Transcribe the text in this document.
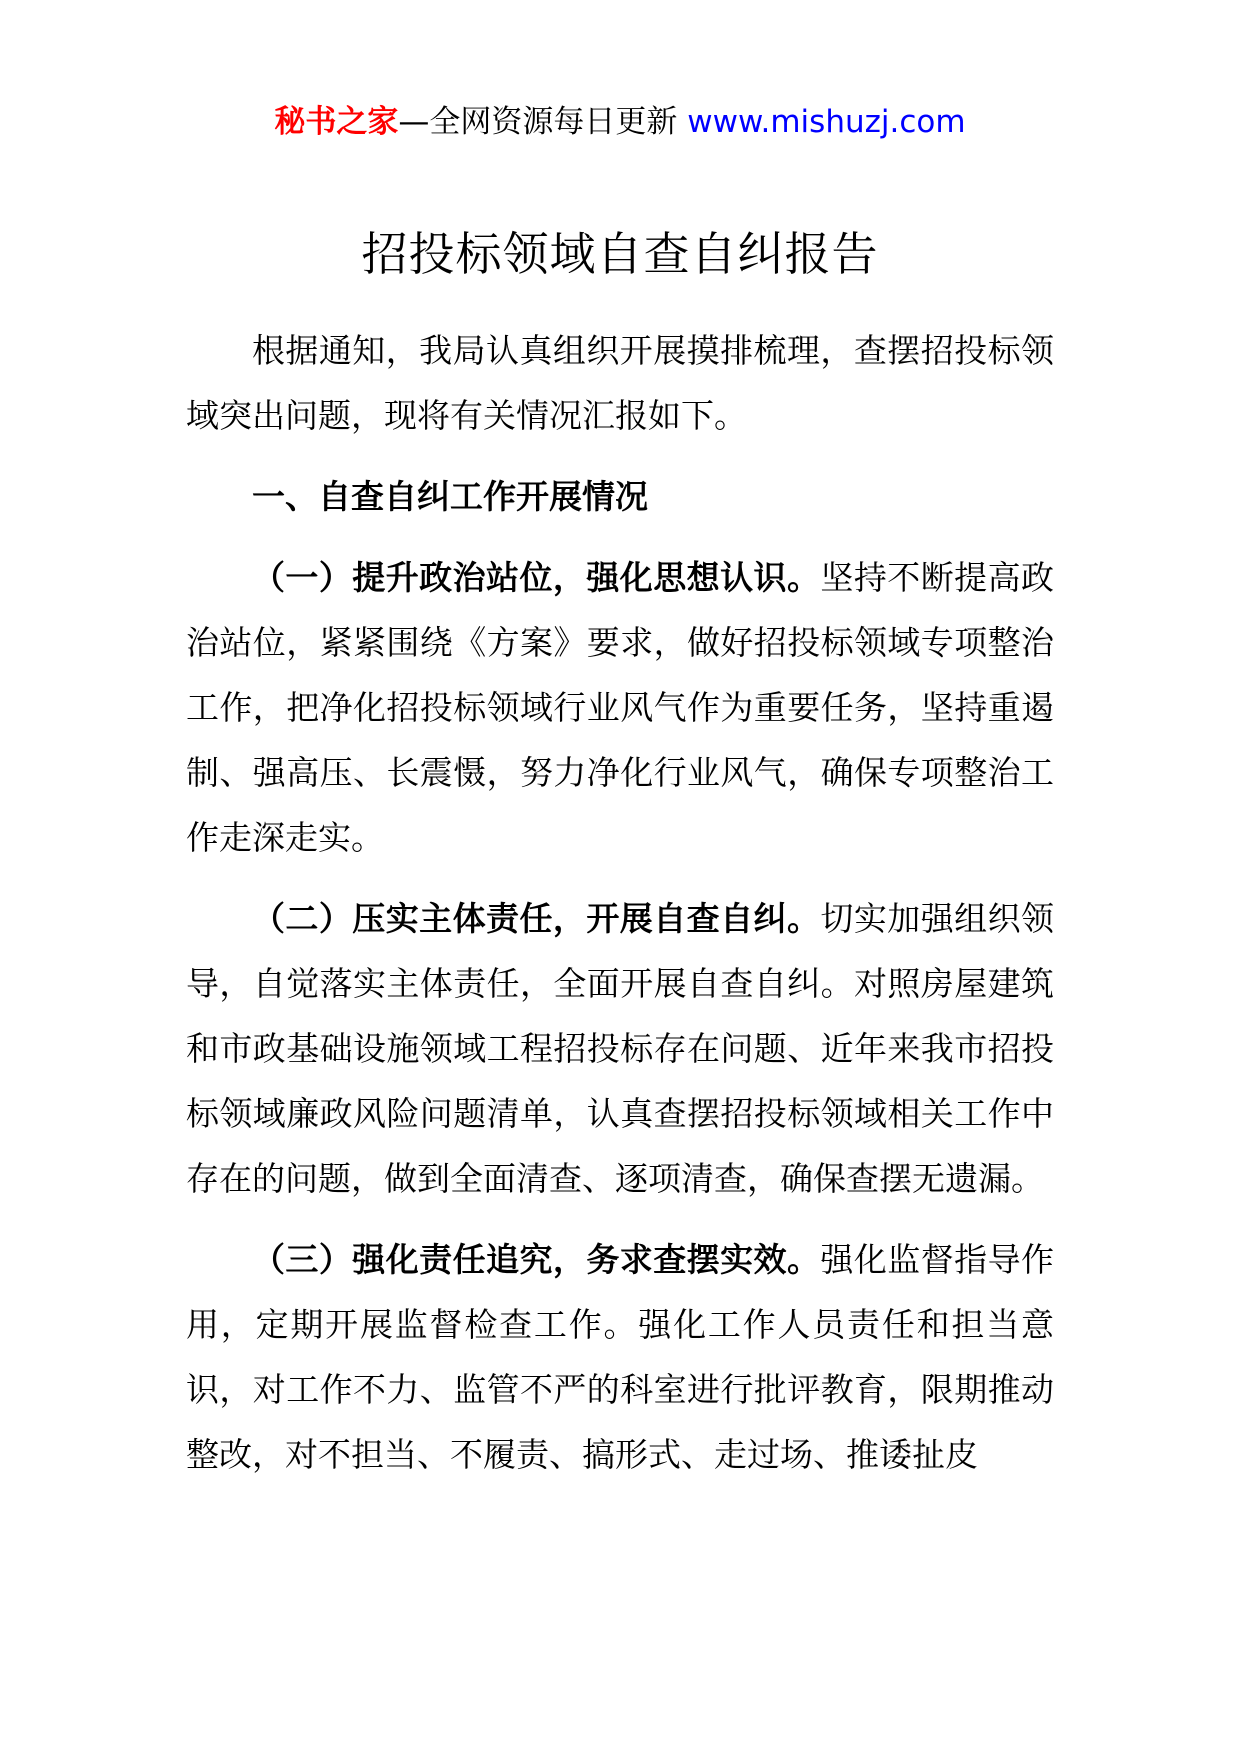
秘书之家—全网资源每日更新 www.mishuzj.com
招投标领域自查自纠报告

根据通知，我局认真组织开展摸排梳理，查摆招投标领域突出问题，现将有关情况汇报如下。

一、自查自纠工作开展情况

（一）提升政治站位，强化思想认识。坚持不断提高政治站位，紧紧围绕《方案》要求，做好招投标领域专项整治工作，把净化招投标领域行业风气作为重要任务，坚持重遏制、强高压、长震慑，努力净化行业风气，确保专项整治工作走深走实。

（二）压实主体责任，开展自查自纠。切实加强组织领导，自觉落实主体责任，全面开展自查自纠。对照房屋建筑和市政基础设施领域工程招投标存在问题、近年来我市招投标领域廉政风险问题清单，认真查摆招投标领域相关工作中存在的问题，做到全面清查、逐项清查，确保查摆无遗漏。

（三）强化责任追究，务求查摆实效。强化监督指导作用，定期开展监督检查工作。强化工作人员责任和担当意识，对工作不力、监管不严的科室进行批评教育，限期推动整改，对不担当、不履责、搞形式、走过场、推诿扯皮
